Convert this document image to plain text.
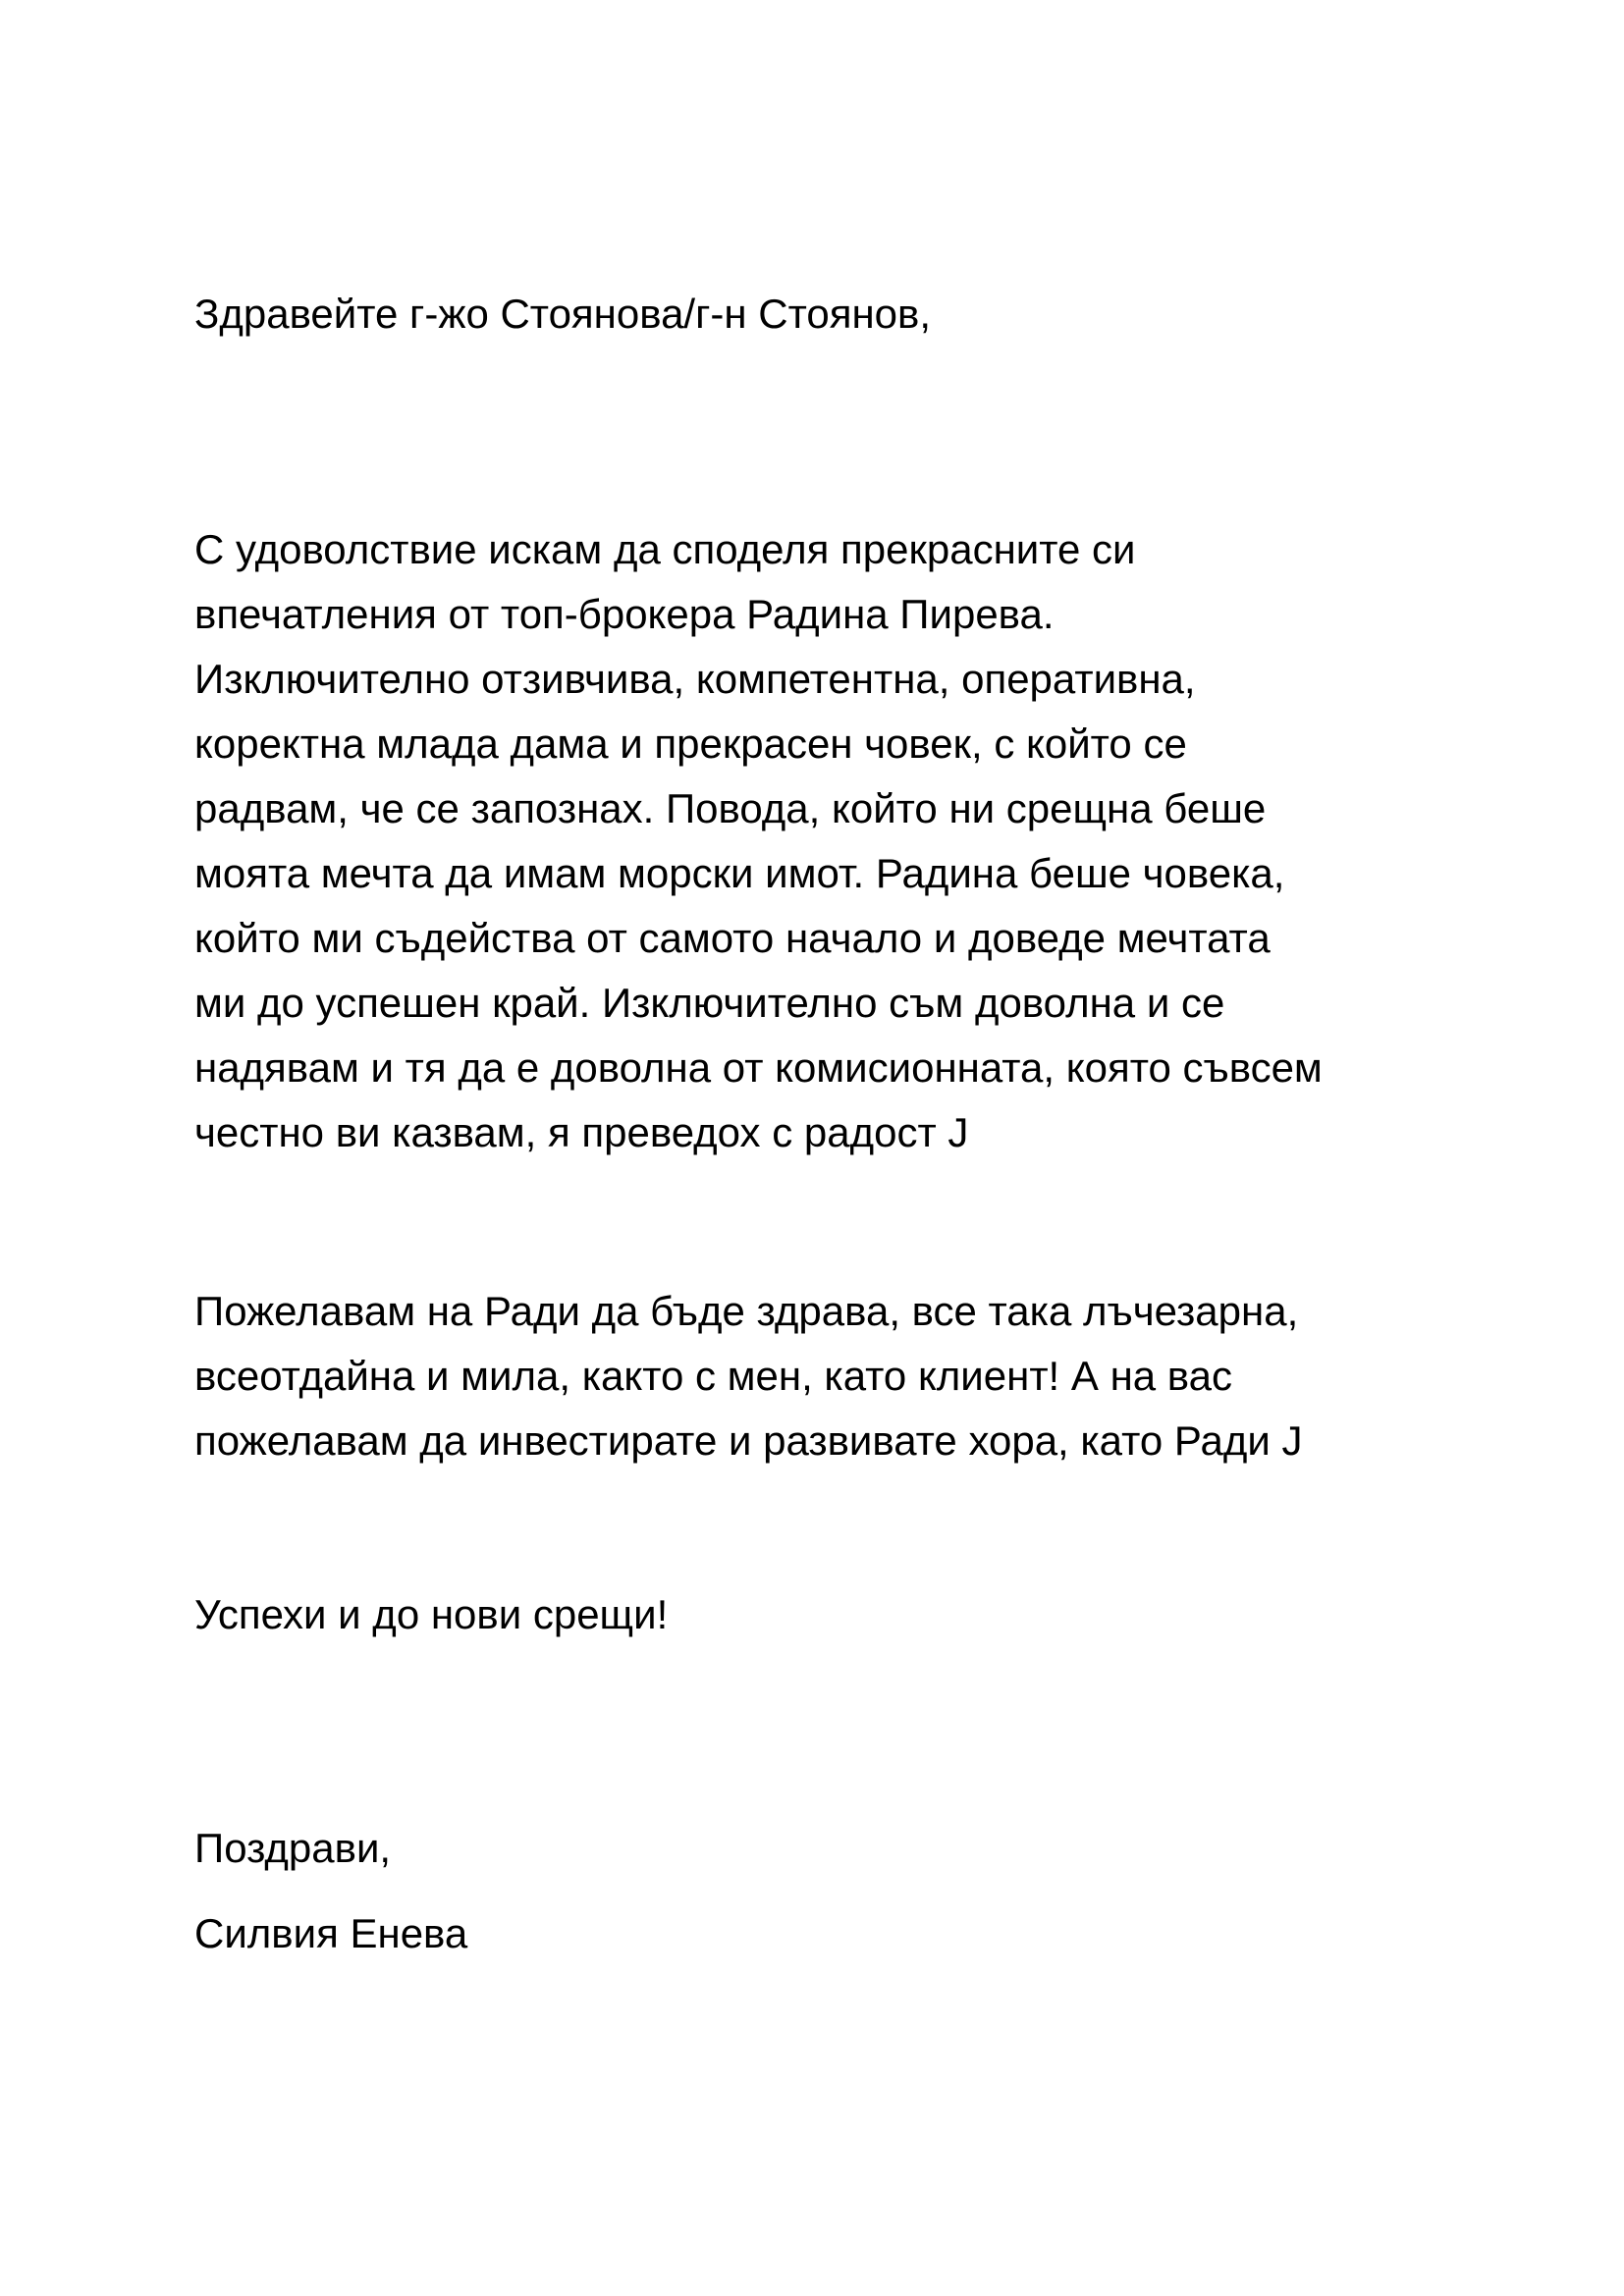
Здравейте г-жо Стоянова/г-н Стоянов,
С удоволствие искам да споделя прекрасните си
впечатления от топ-брокера Радина Пирева.
Изключително отзивчива, компетентна, оперативна,
коректна млада дама и прекрасен човек, с който се
радвам, че се запознах. Повода, който ни срещна беше
моята мечта да имам морски имот. Радина беше човека,
който ми съдейства от самото начало и доведе мечтата
ми до успешен край. Изключително съм доволна и се
надявам и тя да е доволна от комисионната, която съвсем
честно ви казвам, я преведох с радост J
Пожелавам на Ради да бъде здрава, все така лъчезарна,
всеотдайна и мила, както с мен, като клиент! А на вас
пожелавам да инвестирате и развивате хора, като Ради J
Успехи и до нови срещи!
Поздрави,
Силвия Енева
